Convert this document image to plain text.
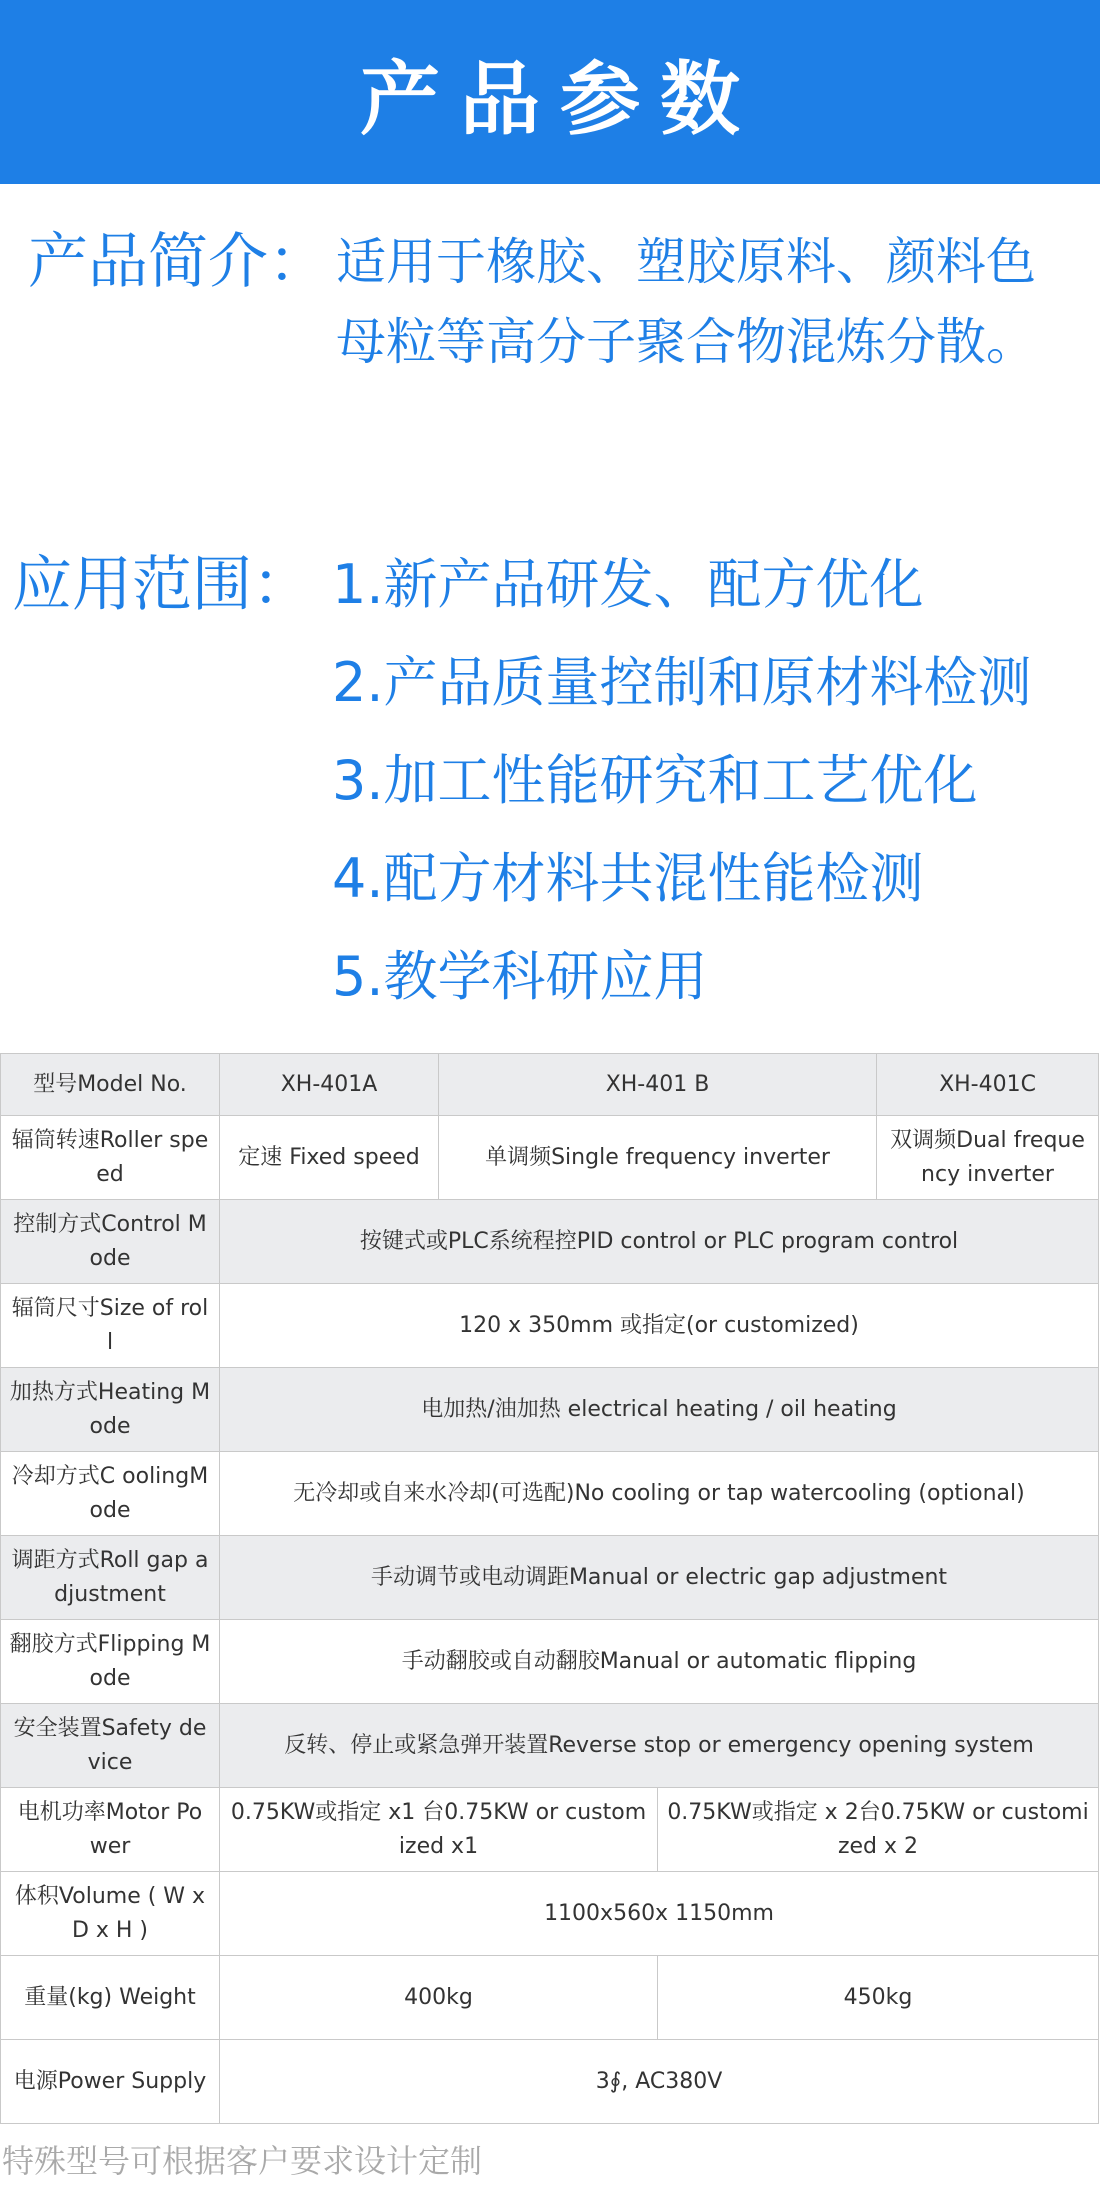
产品参数
产品简介： 适用于橡胶、塑胶原料、颜料色母粒等高分子聚合物混炼分散。
应用范围： 1.新产品研发、配方优化
2.产品质量控制和原材料检测
3.加工性能研究和工艺优化
4.配方材料共混性能检测
5.教学科研应用
型号Model No.	XH-401A	XH-401 B		XH-401C
辐筒转速Roller speed	定速 Fixed speed	单调频Single frequency inverter		双调频Dual frequency inverter
控制方式Control Mode	按键式或PLC系统程控PID control or PLC program control			
辐筒尺寸Size of roll	120 x 350mm 或指定(or customized)			
加热方式Heating Mode	电加热/油加热 electrical heating / oil heating			
冷却方式C oolingMode	无冷却或自来水冷却(可选配)No cooling or tap watercooling (optional)			
调距方式Roll gap adjustment	手动调节或电动调距Manual or electric gap adjustment			
翻胶方式Flipping Mode	手动翻胶或自动翻胶Manual or automatic flipping			
安全装置Safety device	反转、停止或紧急弹开装置Reverse stop or emergency opening system			
电机功率Motor Power	0.75KW或指定 x1 台0.75KW or customized x1		0.75KW或指定 x 2台0.75KW or customized x 2	
体积Volume ( W x D x H )	1100x560x 1150mm			
重量(kg) Weight	400kg		450kg	
电源Power Supply	3∮, AC380V			
特殊型号可根据客户要求设计定制
